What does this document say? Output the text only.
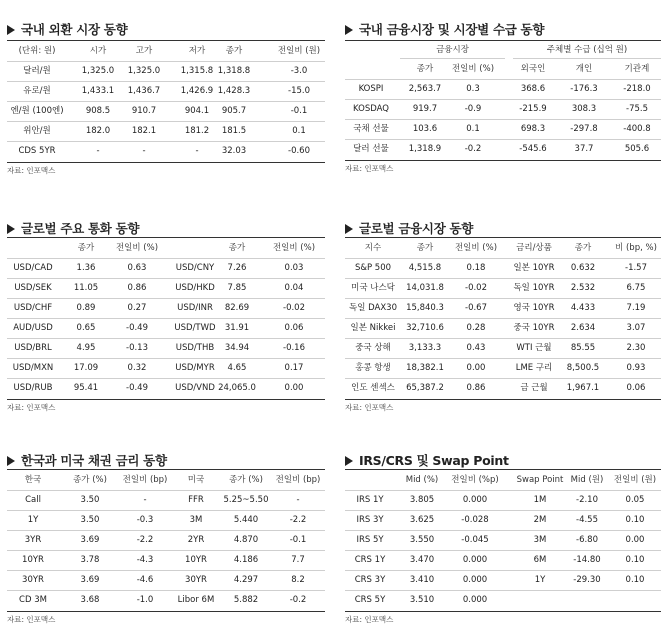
국내 외환 시장 동향
(단위: 원)	시가	고가	저가	종가	전일비 (원)
달러/원	1,325.0	1,325.0	1,315.8 1,318.8	-3.0
유로/원	1,433.1	1,436.7	1,426.9 1,428.3	-15.0
엔/원 (100엔)	908.5	910.7	904.1	905.7	-0.1
위안/원	182.0	182.1	181.2	181.5	0.1
CDS 5YR	-	-	-	32.03	-0.60
자료: 인포맥스
국내 금융시장 및 시장별 수급 동향
금융시장	주체별 수급 (십억 원)
종가	전일비 (%)	외국인	개인	기관계
KOSPI	2,563.7	0.3	368.6	-176.3	-218.0
KOSDAQ	919.7	-0.9	-215.9	308.3	-75.5
국채 선물	103.6	0.1	698.3	-297.8	-400.8
달러 선물	1,318.9	-0.2	-545.6	37.7	505.6
자료: 인포맥스
글로벌 주요 통화 동향
종가	전일비 (%)	종가	전일비 (%)
USD/CAD	1.36	0.63	USD/CNY	7.26	0.03
USD/SEK	11.05	0.86	USD/HKD	7.85	0.04
USD/CHF	0.89	0.27	USD/INR	82.69	-0.02
AUD/USD	0.65	-0.49	USD/TWD	31.91	0.06
USD/BRL	4.95	-0.13	USD/THB	34.94	-0.16
USD/MXN	17.09	0.32	USD/MYR	4.65	0.17
USD/RUB	95.41	-0.49	USD/VND 24,065.0	0.00
자료: 인포맥스
글로벌 금융시장 동향
지수	종가	전일비 (%)	금리/상품	종가	비 (bp, %)
S&P 500	4,515.8	0.18	일본 10YR	0.632	-1.57
미국 나스닥	14,031.8	-0.02	독일 10YR	2.532	6.75
독일 DAX30	15,840.3	-0.67	영국 10YR	4.433	7.19
일본 Nikkei	32,710.6	0.28	중국 10YR	2.634	3.07
중국 상해	3,133.3	0.43	WTI 근월	85.55	2.30
홍콩 항생	18,382.1	0.00	LME 구리	8,500.5	0.93
인도 센섹스	65,387.2	0.86	금 근월	1,967.1	0.06
자료: 인포맥스
한국과 미국 채권 금리 동향
한국	종가 (%)	전일비 (bp)	미국	종가 (%)	전일비 (bp)
Call	3.50	-	FFR	5.25~5.50	-
1Y	3.50	-0.3	3M	5.440	-2.2
3YR	3.69	-2.2	2YR	4.870	-0.1
10YR	3.78	-4.3	10YR	4.186	7.7
30YR	3.69	-4.6	30YR	4.297	8.2
CD 3M	3.68	-1.0	Libor 6M	5.882	-0.2
자료: 인포맥스
IRS/CRS 및 Swap Point
Mid (%)	전일비 (%p)	Swap Point Mid (원)	전일비 (원)
IRS 1Y	3.805	0.000	1M	-2.10	0.05
IRS 3Y	3.625	-0.028	2M	-4.55	0.10
IRS 5Y	3.550	-0.045	3M	-6.80	0.00
CRS 1Y	3.470	0.000	6M	-14.80	0.10
CRS 3Y	3.410	0.000	1Y	-29.30	0.10
CRS 5Y	3.510	0.000
자료: 인포맥스
